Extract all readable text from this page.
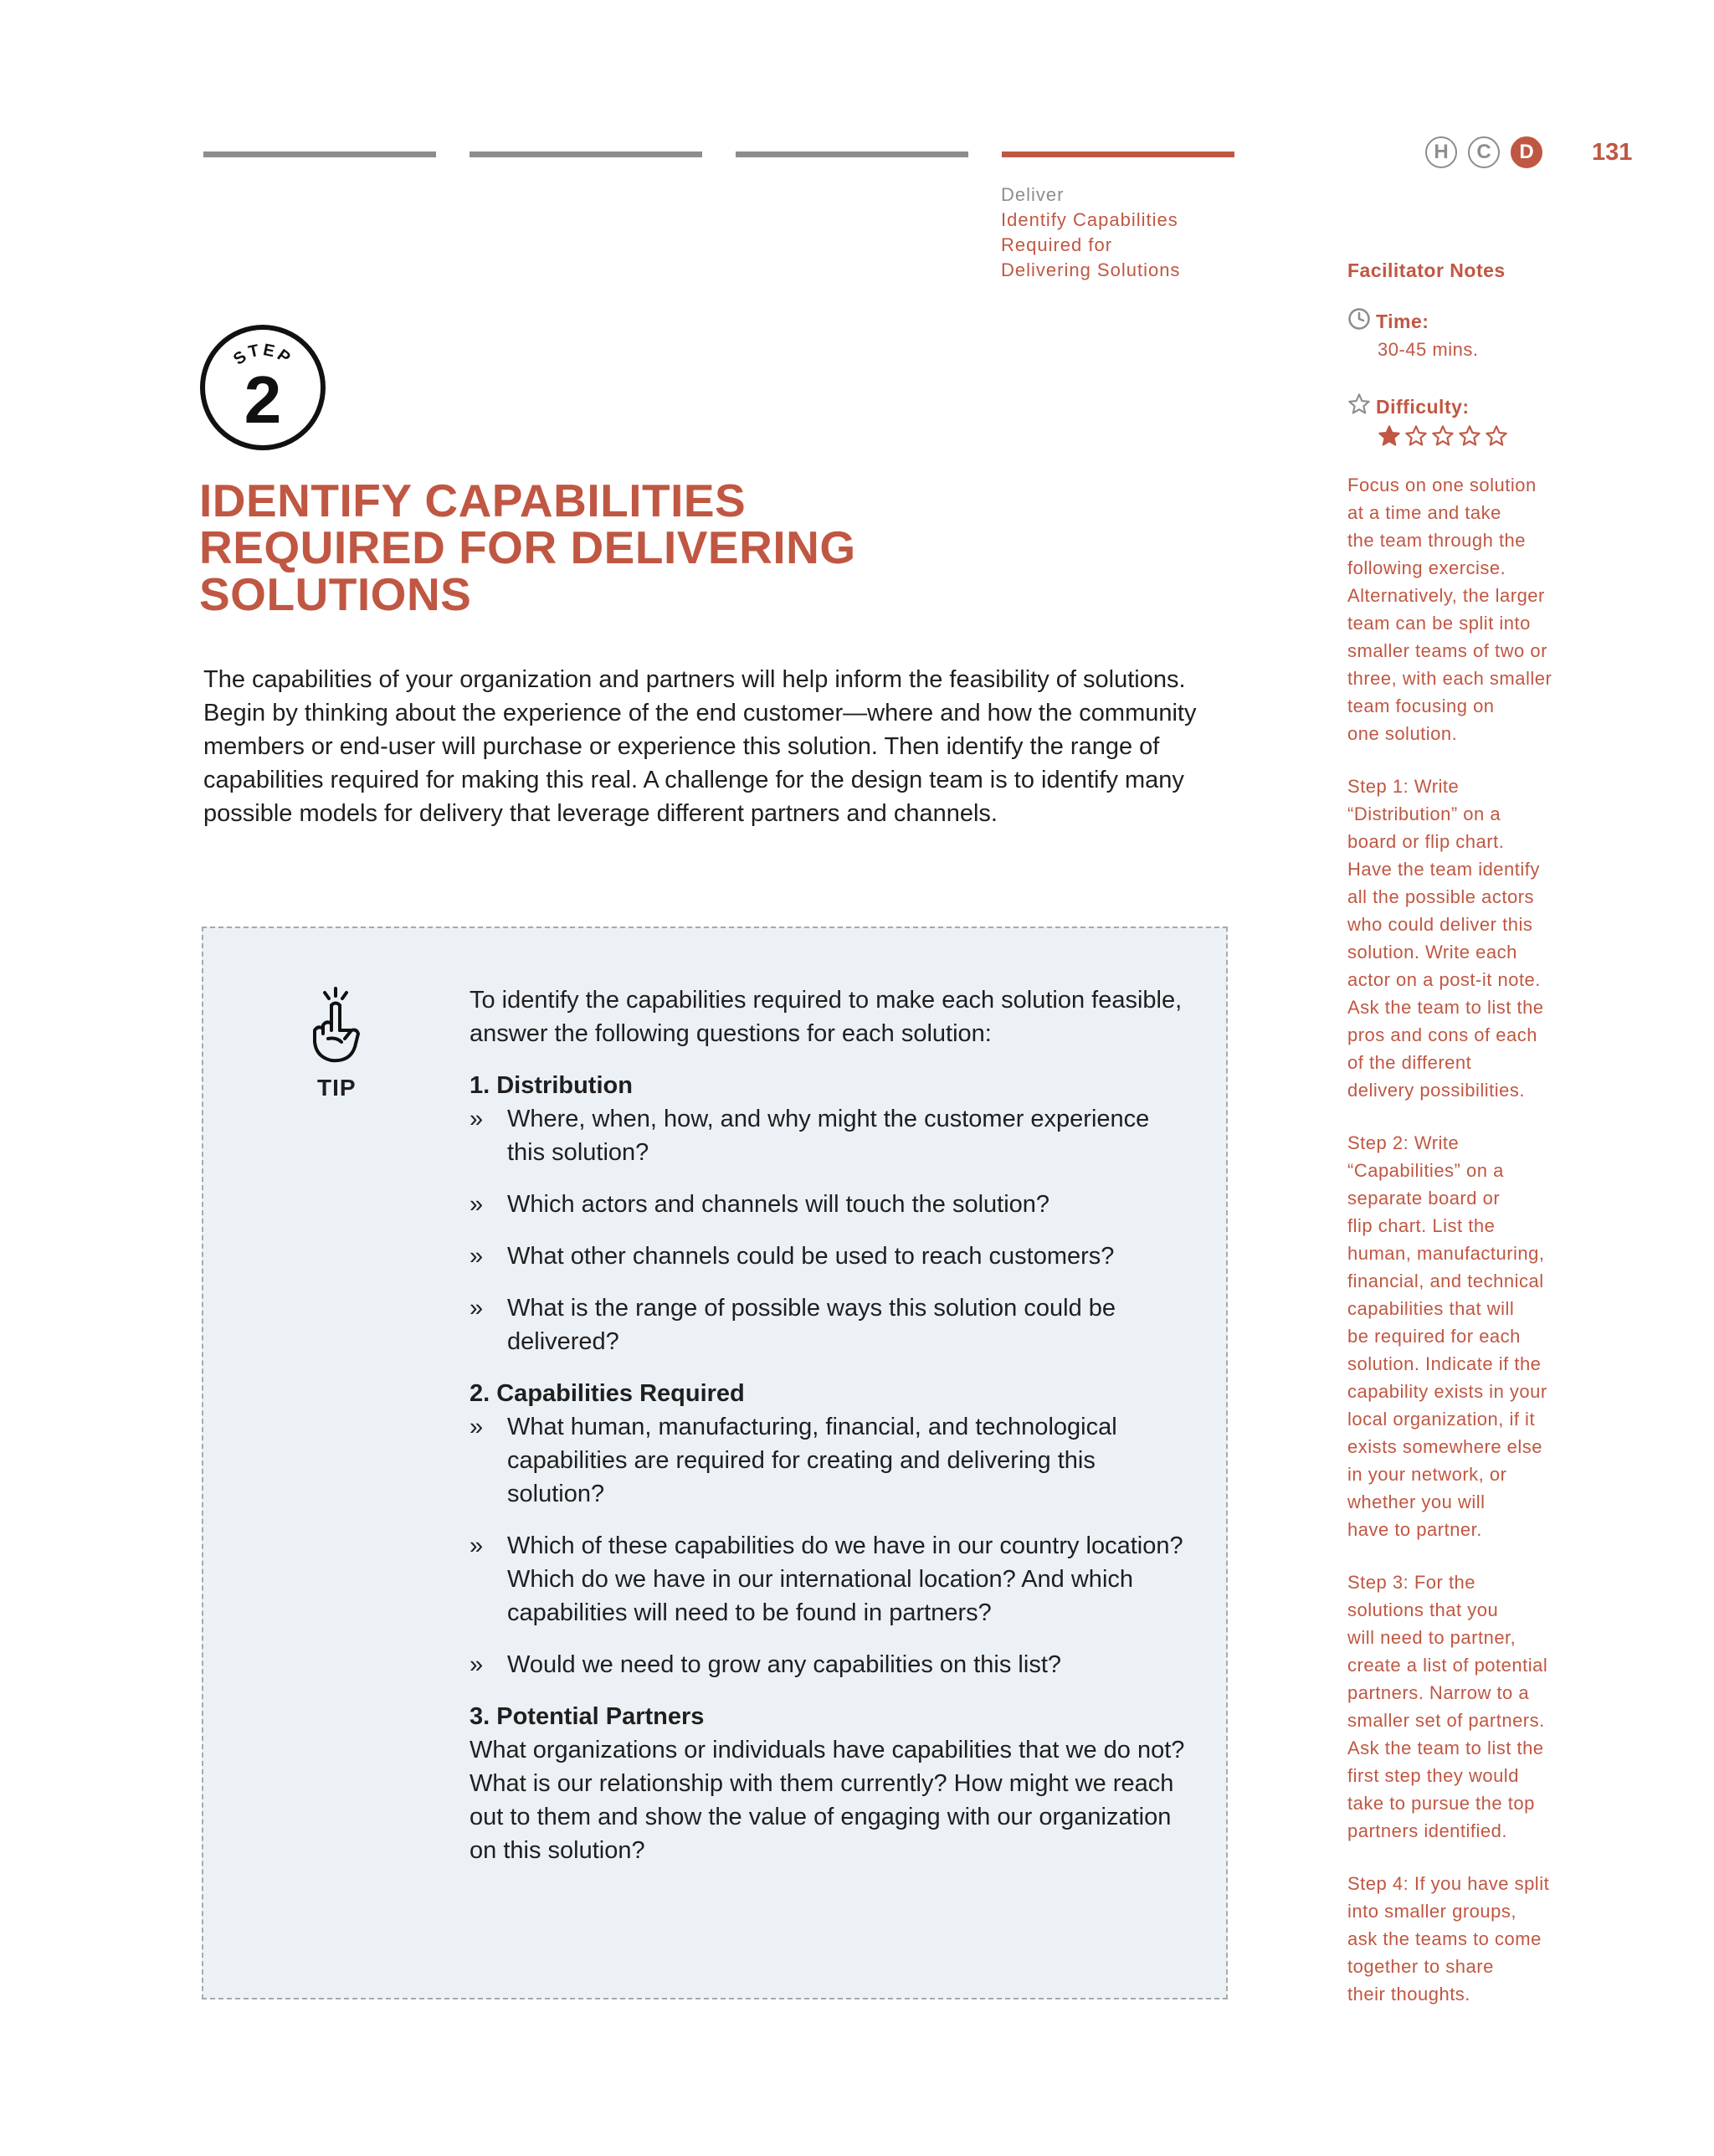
Deliver
Identify Capabilities
Required for
Delivering Solutions
H	C	D	131
STEP
2
IDENTIFY CAPABILITIES
REQUIRED FOR DELIVERING
SOLUTIONS

The capabilities of your organization and partners will help inform the feasibility of solutions. Begin by thinking about the experience of the end customer—where and how the community members or end-user will purchase or experience this solution. Then identify the range of capabilities required for making this real. A challenge for the design team is to identify many possible models for delivery that leverage different partners and channels.

TIP

To identify the capabilities required to make each solution feasible, answer the following questions for each solution:

1. Distribution

» Where, when, how, and why might the customer experience this solution?
» Which actors and channels will touch the solution?
» What other channels could be used to reach customers?
» What is the range of possible ways this solution could be delivered?

2. Capabilities Required

» What human, manufacturing, financial, and technological capabilities are required for creating and delivering this solution?
» Which of these capabilities do we have in our country location? Which do we have in our international location? And which capabilities will need to be found in partners?
» Would we need to grow any capabilities on this list?

3. Potential Partners

What organizations or individuals have capabilities that we do not? What is our relationship with them currently? How might we reach out to them and show the value of engaging with our organization on this solution?

Facilitator Notes

Time:
30-45 mins.
Difficulty:

Focus on one solution
at a time and take
the team through the
following exercise.
Alternatively, the larger
team can be split into
smaller teams of two or
three, with each smaller
team focusing on
one solution.

Step 1: Write
“Distribution” on a
board or flip chart.
Have the team identify
all the possible actors
who could deliver this
solution. Write each
actor on a post-it note.
Ask the team to list the
pros and cons of each
of the different
delivery possibilities.

Step 2: Write
“Capabilities” on a
separate board or
flip chart. List the
human, manufacturing,
financial, and technical
capabilities that will
be required for each
solution. Indicate if the
capability exists in your
local organization, if it
exists somewhere else
in your network, or
whether you will
have to partner.

Step 3: For the
solutions that you
will need to partner,
create a list of potential
partners. Narrow to a
smaller set of partners.
Ask the team to list the
first step they would
take to pursue the top
partners identified.

Step 4: If you have split
into smaller groups,
ask the teams to come
together to share
their thoughts.
